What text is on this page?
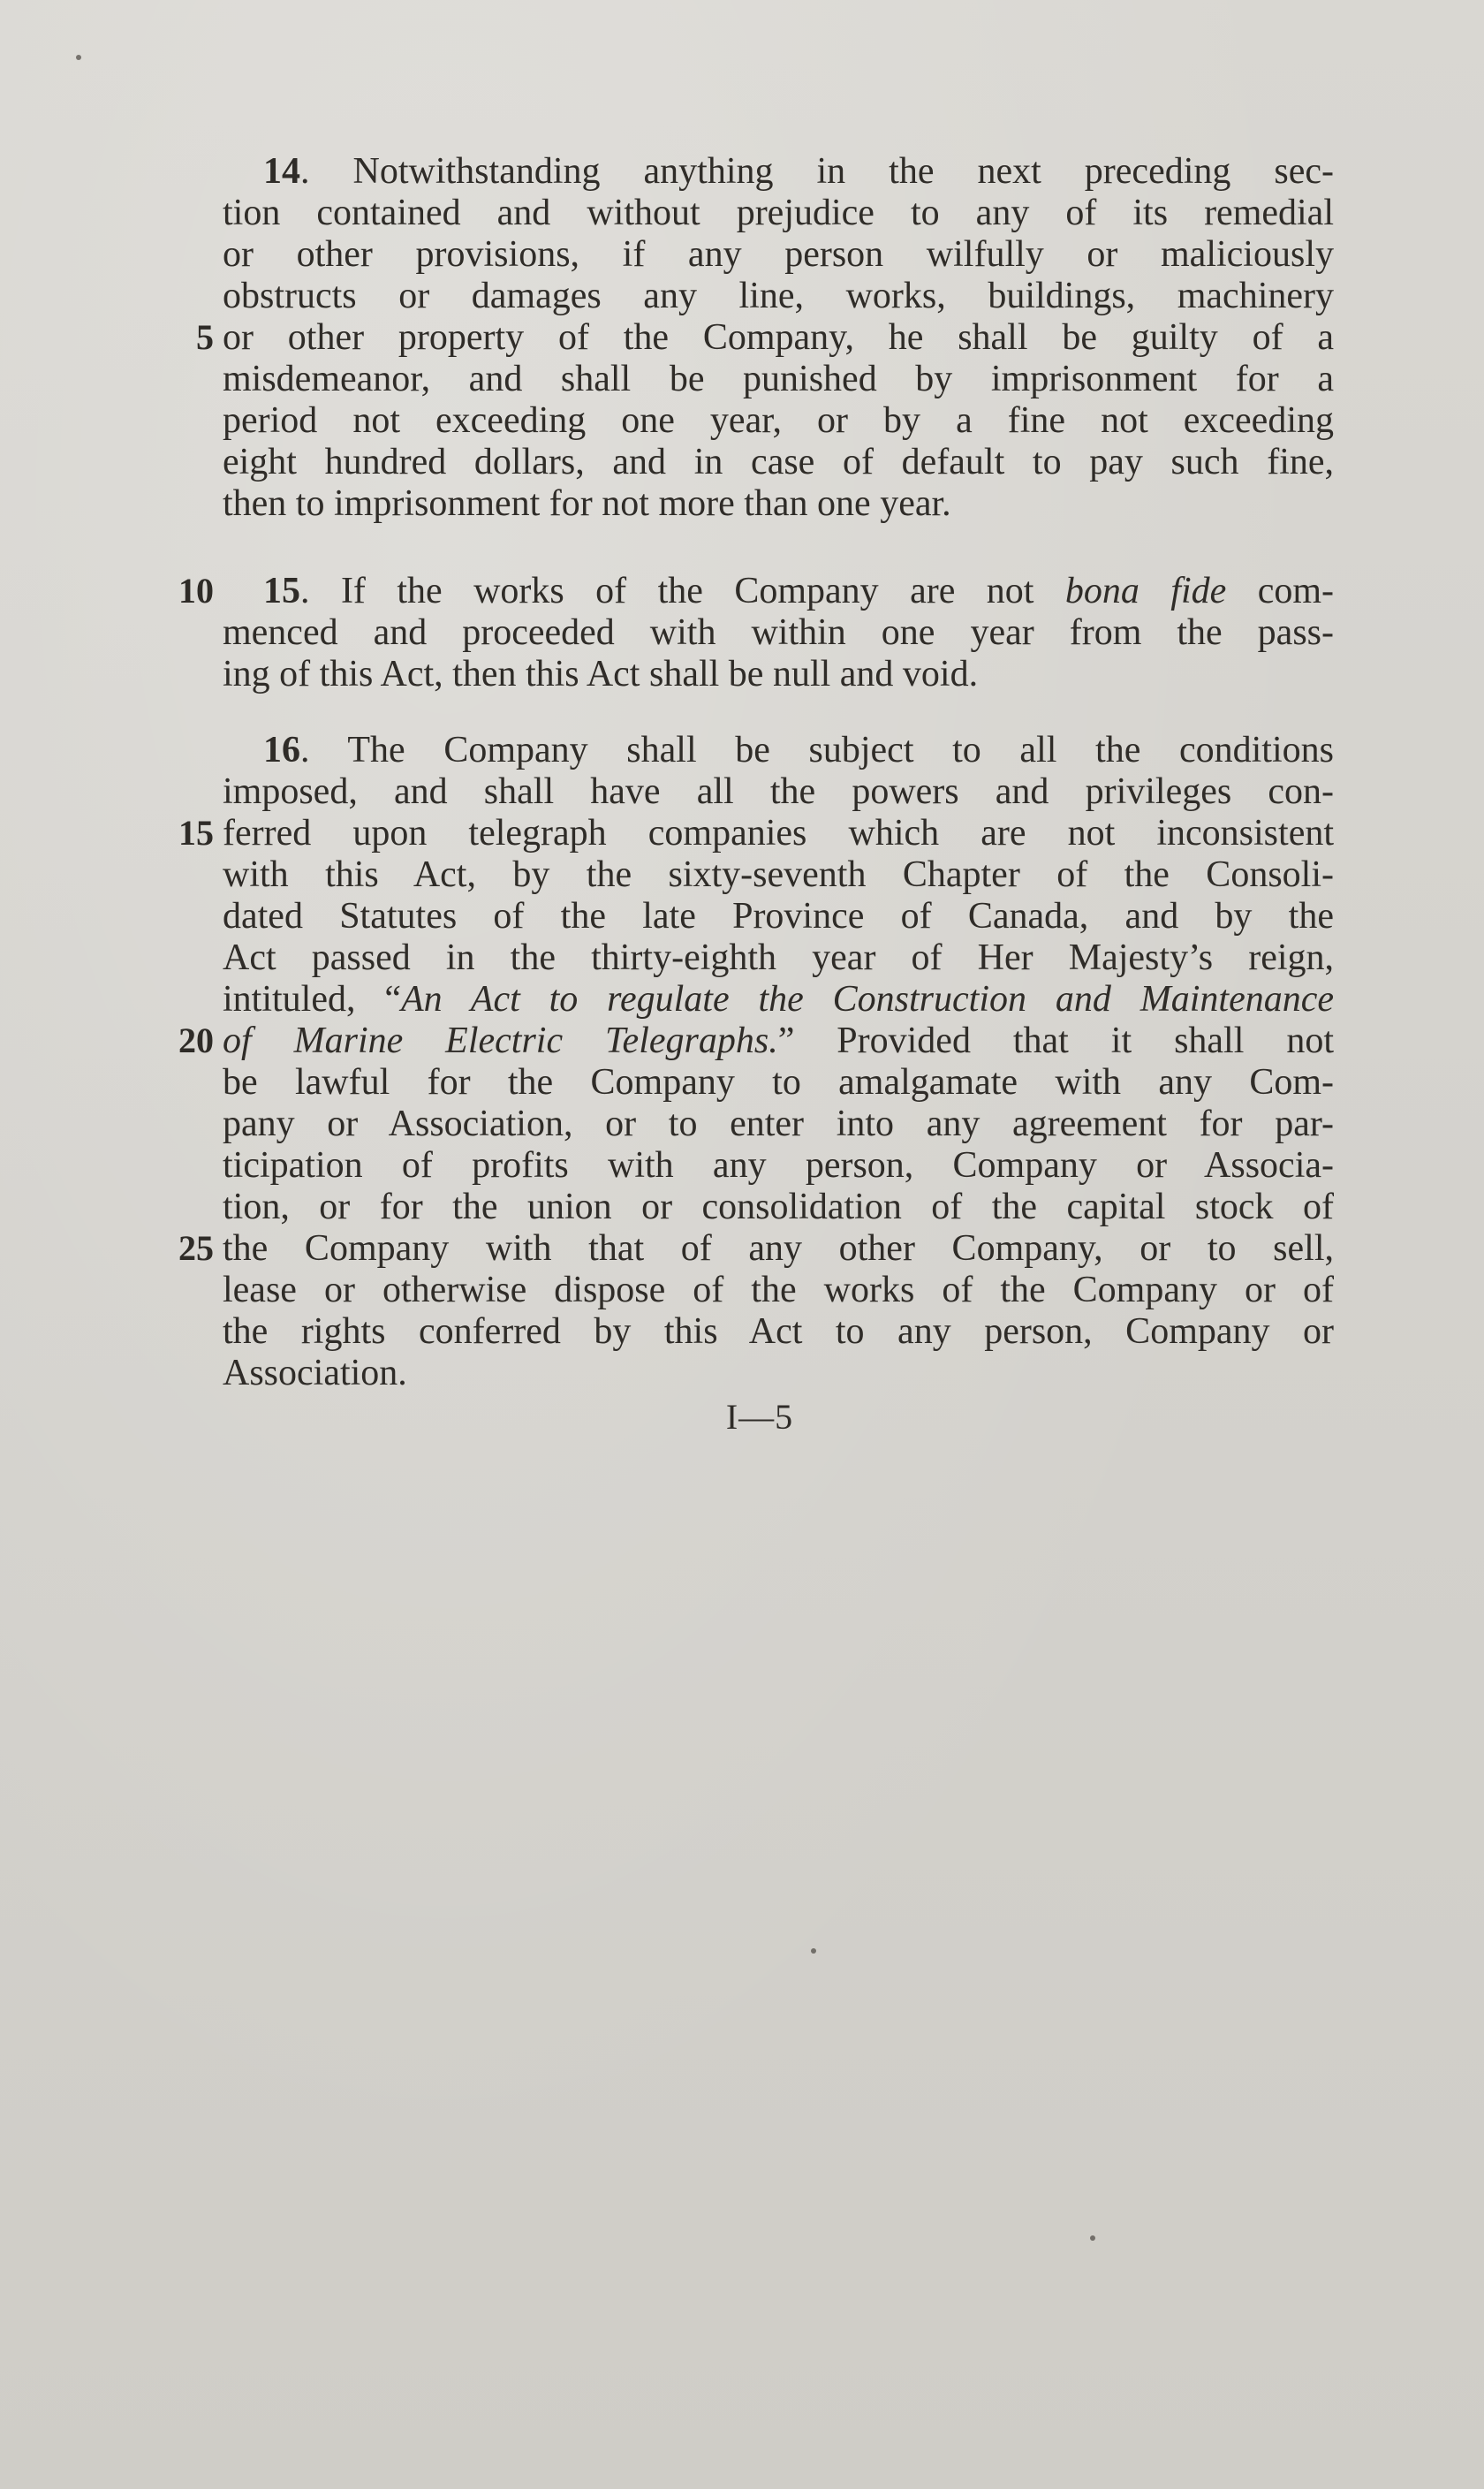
14. Notwithstanding anything in the next preceding sec-
tion contained and without prejudice to any of its remedial
or other provisions, if any person wilfully or maliciously
obstructs or damages any line, works, buildings, machinery
5 or other property of the Company, he shall be guilty of a
misdemeanor, and shall be punished by imprisonment for a
period not exceeding one year, or by a fine not exceeding
eight hundred dollars, and in case of default to pay such fine,
then to imprisonment for not more than one year.
10 15. If the works of the Company are not bona fide com-
menced and proceeded with within one year from the pass-
ing of this Act, then this Act shall be null and void.
16. The Company shall be subject to all the conditions
imposed, and shall have all the powers and privileges con-
15 ferred upon telegraph companies which are not inconsistent
with this Act, by the sixty-seventh Chapter of the Consoli-
dated Statutes of the late Province of Canada, and by the
Act passed in the thirty-eighth year of Her Majesty’s reign,
intituled, “An Act to regulate the Construction and Maintenance
20 of Marine Electric Telegraphs.” Provided that it shall not
be lawful for the Company to amalgamate with any Com-
pany or Association, or to enter into any agreement for par-
ticipation of profits with any person, Company or Associa-
tion, or for the union or consolidation of the capital stock of
25 the Company with that of any other Company, or to sell,
lease or otherwise dispose of the works of the Company or of
the rights conferred by this Act to any person, Company or
Association.
I—5
